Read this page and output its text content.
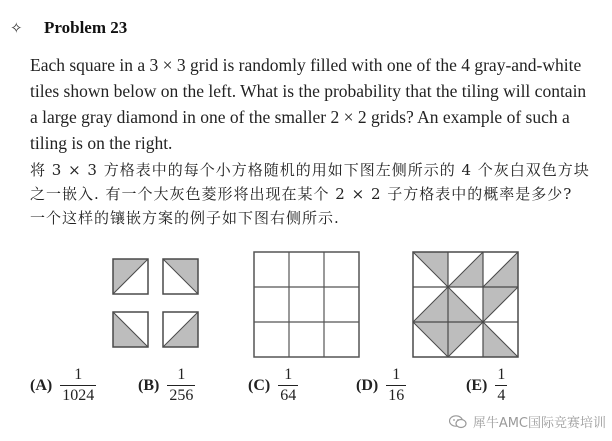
✧	Problem 23
Each square in a 3 × 3 grid is randomly filled with one of the 4 gray-and-white tiles shown below on the left. What is the probability that the tiling will contain a large gray diamond in one of the smaller 2 × 2 grids? An example of such a tiling is on the right.
将 3 × 3 方格表中的每个小方格随机的用如下图左侧所示的 4 个灰白双色方块之一嵌入. 有一个大灰色菱形将出现在某个 2 × 2 子方格表中的概率是多少? 一个这样的镶嵌方案的例子如下图右侧所示.
$(A) \frac{1}{1024}$	$(B) \frac{1}{256}$	$(C) \frac{1}{64}$	$(D) \frac{1}{16}$	$(E) \frac{1}{4}$
犀牛AMC国际竞赛培训
